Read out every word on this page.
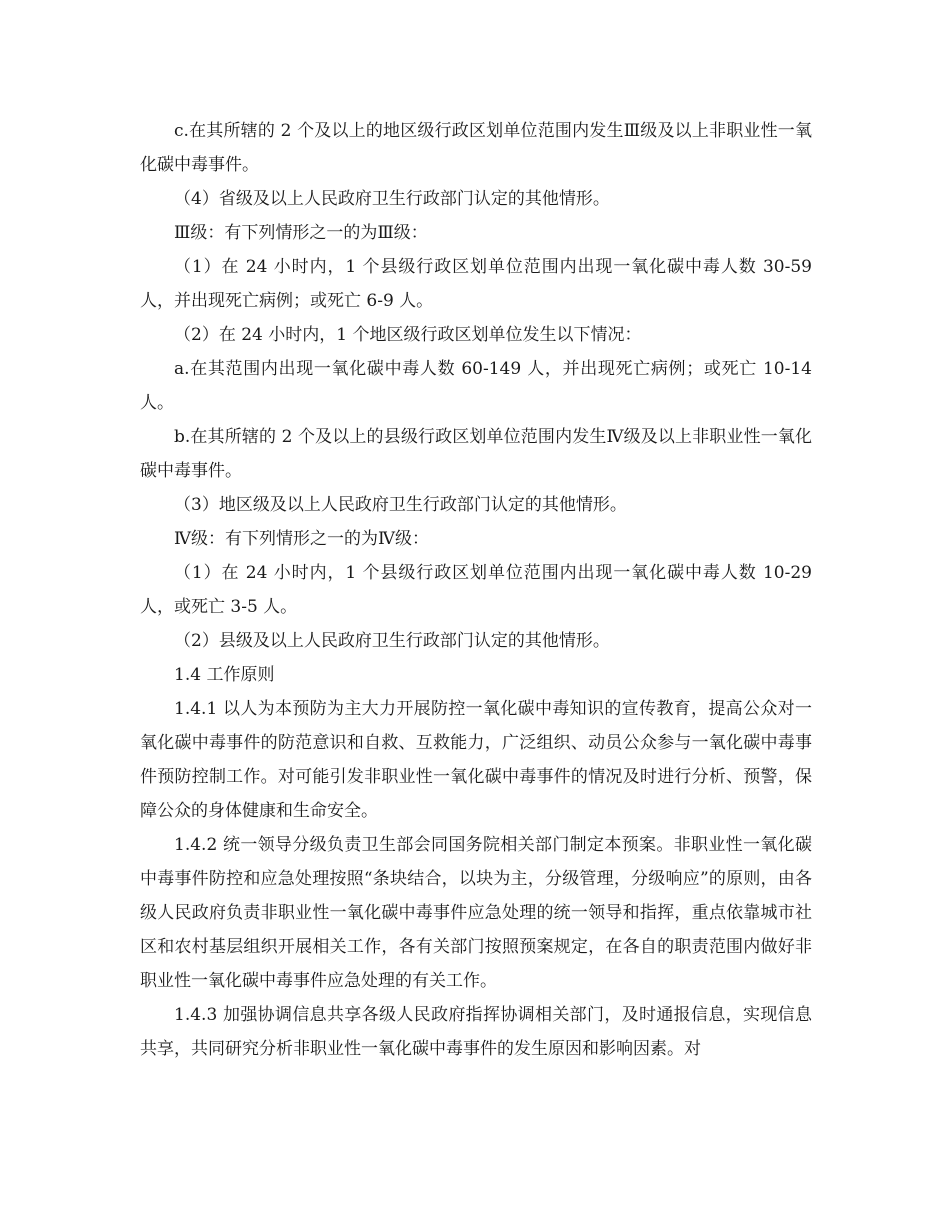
c.在其所辖的 2 个及以上的地区级行政区划单位范围内发生Ⅲ级及以上非职业性一氧化碳中毒事件。

（4）省级及以上人民政府卫生行政部门认定的其他情形。

Ⅲ级：有下列情形之一的为Ⅲ级：

（1）在 24 小时内，1 个县级行政区划单位范围内出现一氧化碳中毒人数 30-59 人，并出现死亡病例；或死亡 6-9 人。

（2）在 24 小时内，1 个地区级行政区划单位发生以下情况：

a.在其范围内出现一氧化碳中毒人数 60-149 人，并出现死亡病例；或死亡 10-14 人。

b.在其所辖的 2 个及以上的县级行政区划单位范围内发生Ⅳ级及以上非职业性一氧化碳中毒事件。

（3）地区级及以上人民政府卫生行政部门认定的其他情形。

Ⅳ级：有下列情形之一的为Ⅳ级：

（1）在 24 小时内，1 个县级行政区划单位范围内出现一氧化碳中毒人数 10-29 人，或死亡 3-5 人。

（2）县级及以上人民政府卫生行政部门认定的其他情形。

1.4 工作原则

1.4.1 以人为本预防为主大力开展防控一氧化碳中毒知识的宣传教育，提高公众对一氧化碳中毒事件的防范意识和自救、互救能力，广泛组织、动员公众参与一氧化碳中毒事件预防控制工作。对可能引发非职业性一氧化碳中毒事件的情况及时进行分析、预警，保障公众的身体健康和生命安全。

1.4.2 统一领导分级负责卫生部会同国务院相关部门制定本预案。非职业性一氧化碳中毒事件防控和应急处理按照“条块结合，以块为主，分级管理，分级响应”的原则，由各级人民政府负责非职业性一氧化碳中毒事件应急处理的统一领导和指挥，重点依靠城市社区和农村基层组织开展相关工作，各有关部门按照预案规定，在各自的职责范围内做好非职业性一氧化碳中毒事件应急处理的有关工作。

1.4.3 加强协调信息共享各级人民政府指挥协调相关部门，及时通报信息，实现信息共享，共同研究分析非职业性一氧化碳中毒事件的发生原因和影响因素。对
